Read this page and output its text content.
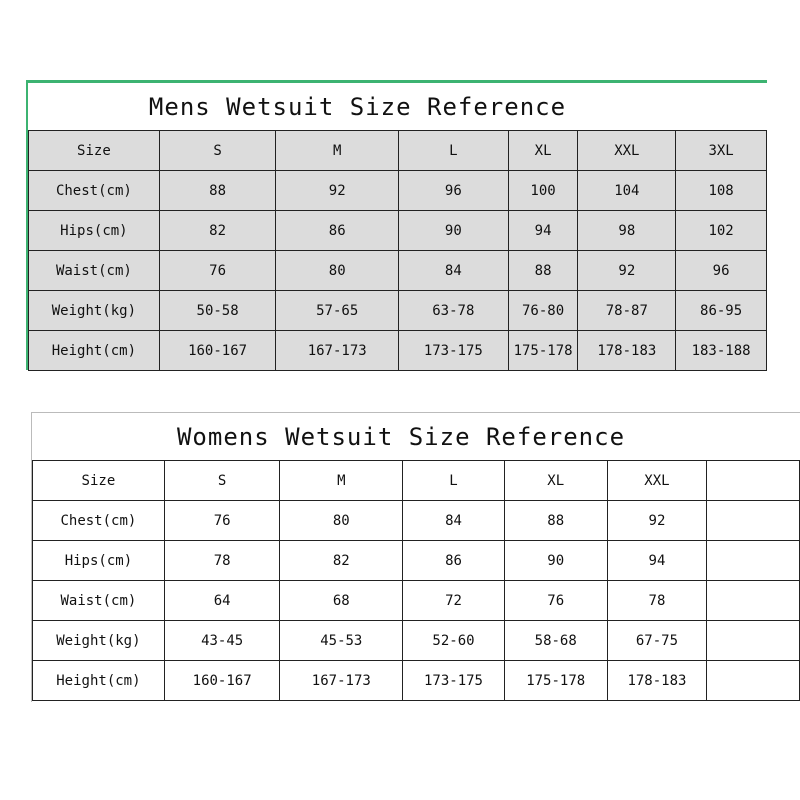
Mens Wetsuit Size Reference
Size	S	M	L	XL	XXL	3XL
Chest(cm)	88	92	96	100	104	108
Hips(cm)	82	86	90	94	98	102
Waist(cm)	76	80	84	88	92	96
Weight(kg)	50-58	57-65	63-78	76-80	78-87	86-95
Height(cm)	160-167	167-173	173-175	175-178	178-183	183-188
Womens Wetsuit Size Reference
Size	S	M	L	XL	XXL	
Chest(cm)	76	80	84	88	92	
Hips(cm)	78	82	86	90	94	
Waist(cm)	64	68	72	76	78	
Weight(kg)	43-45	45-53	52-60	58-68	67-75	
Height(cm)	160-167	167-173	173-175	175-178	178-183	
